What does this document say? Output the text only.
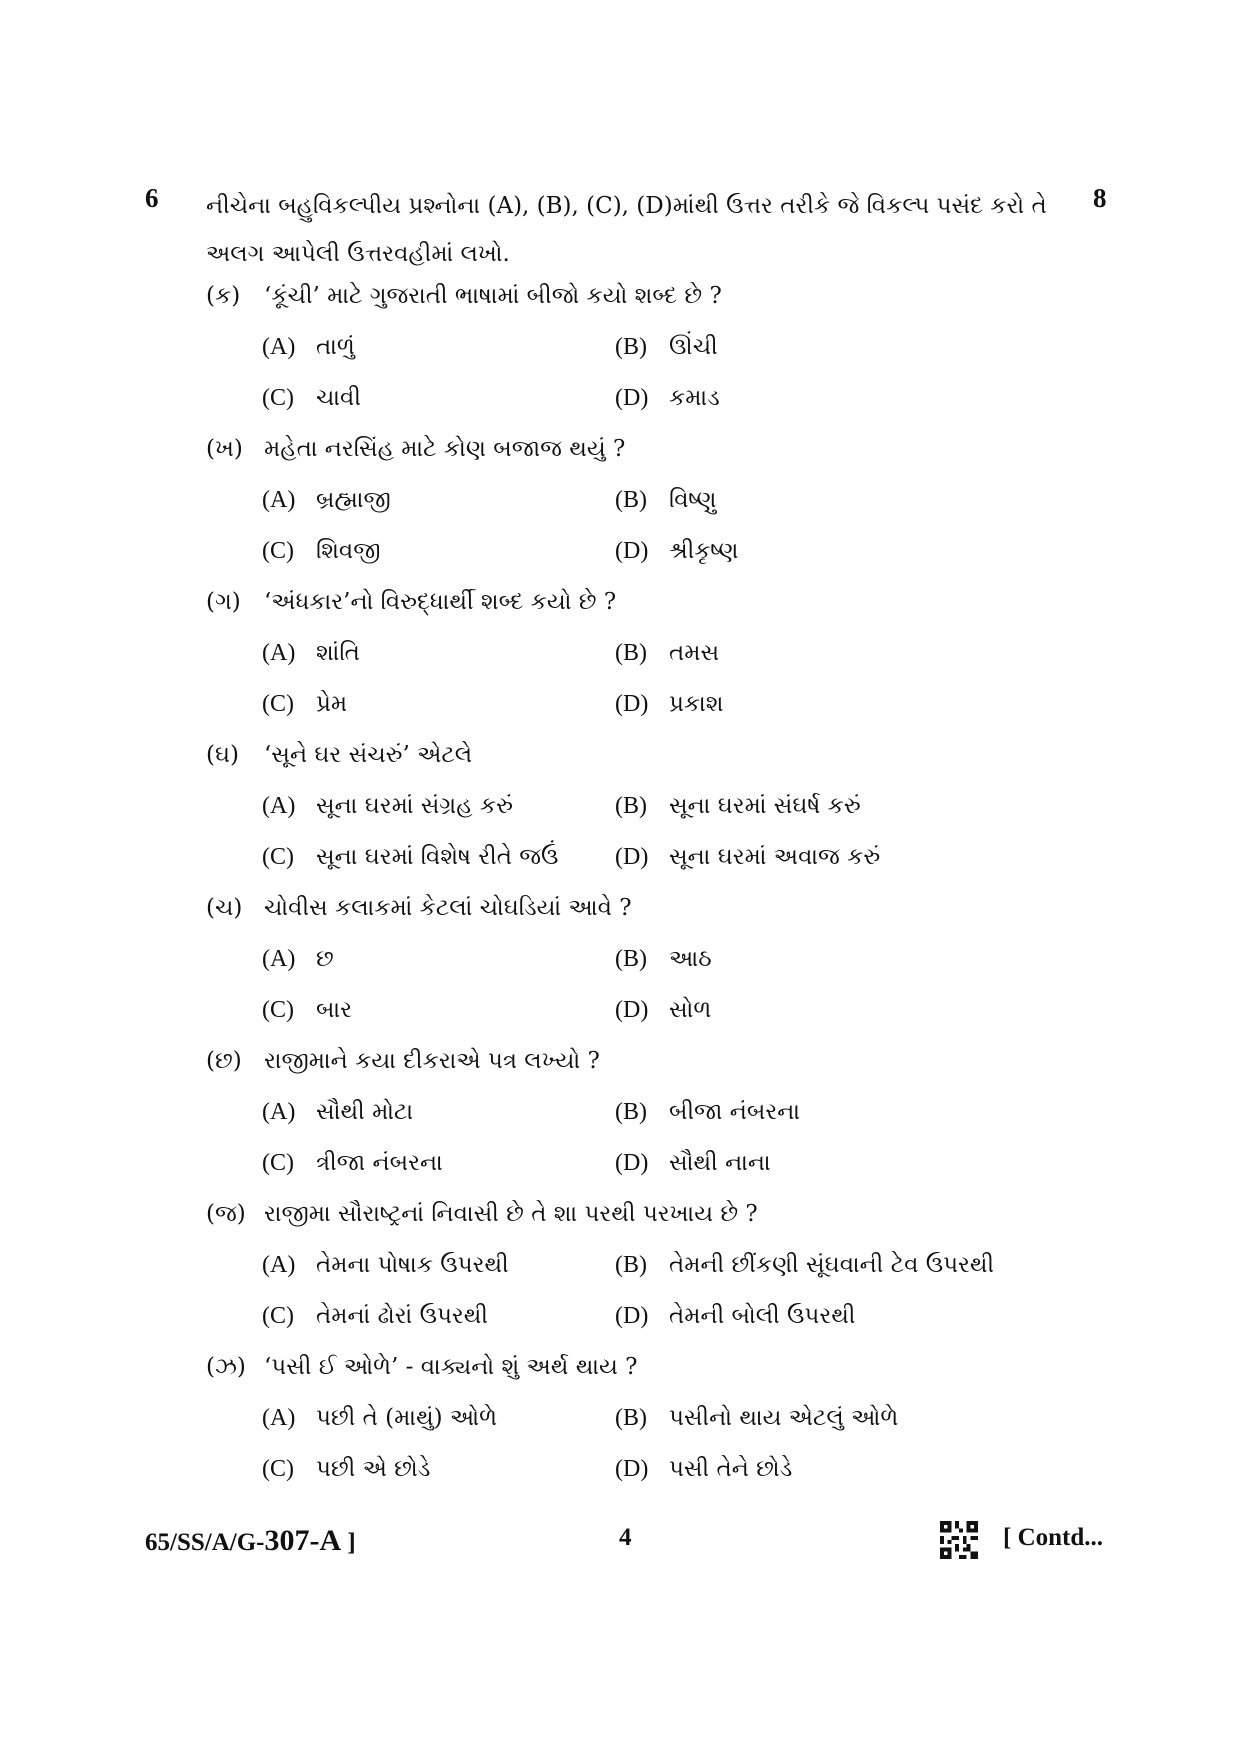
6	8
નીચેના બહુવિકલ્પીય પ્રશ્નોના (A), (B), (C), (D)માંથી ઉત્તર તરીકે જે વિકલ્પ પસંદ કરો તે અલગ આપેલી ઉત્તરવહીમાં લખો.
(ક) ‘કૂંચી’ માટે ગુજરાતી ભાષામાં બીજો કયો શબ્દ છે ?
(A) તાળું	(B) ઊંચી
(C) ચાવી	(D) કમાડ
(ખ) મહેતા નરસિંહ માટે કોણ બજાજ થયું ?
(A) બ્રહ્માજી	(B) વિષ્ણુ
(C) શિવજી	(D) શ્રીકૃષ્ણ
(ગ) ‘અંધકાર’નો વિરુદ્ધાર્થી શબ્દ કયો છે ?
(A) શાંતિ	(B) તમસ
(C) પ્રેમ	(D) પ્રકાશ
(ઘ) ‘સૂને ઘર સંચરું’ એટલે
(A) સૂના ઘરમાં સંગ્રહ કરું	(B) સૂના ઘરમાં સંઘર્ષ કરું
(C) સૂના ઘરમાં વિશેષ રીતે જઉં (D) સૂના ઘરમાં અવાજ કરું
(ચ) ચોવીસ કલાકમાં કેટલાં ચોઘડિયાં આવે ?
(A) છ	(B) આઠ
(C) બાર	(D) સોળ
(છ) રાજીમાને કયા દીકરાએ પત્ર લખ્યો ?
(A) સૌથી મોટા	(B) બીજા નંબરના
(C) ત્રીજા નંબરના	(D) સૌથી નાના
(જ) રાજીમા સૌરાષ્ટ્રનાં નિવાસી છે તે શા પરથી પરખાય છે ?
(A) તેમના પોષાક ઉપરથી	(B) તેમની છીંકણી સૂંઘવાની ટેવ ઉપરથી
(C) તેમનાં ઢોરાં ઉપરથી	(D) તેમની બોલી ઉપરથી
(ઝ) ‘પસી ઈ ઓળે’ - વાક્યનો શું અર્થ થાય ?
(A) પછી તે (માથું) ઓળે	(B) પસીનો થાય એટલું ઓળે
(C) પછી એ છોડે	(D) પસી તેને છોડે
65/SS/A/G-307-A ]	4	[ Contd...
